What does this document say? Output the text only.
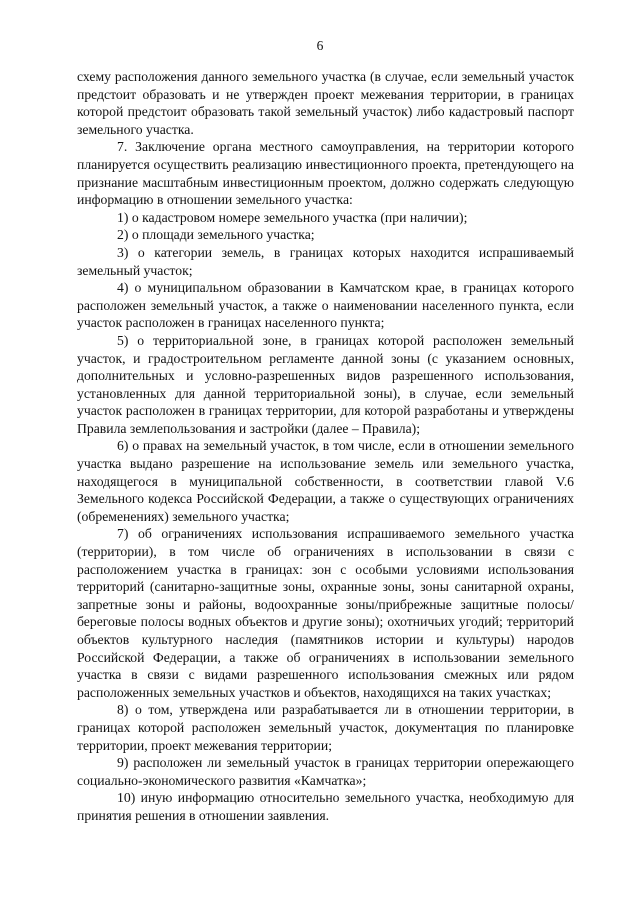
6

схему расположения данного земельного участка (в случае, если земельный участок предстоит образовать и не утвержден проект межевания территории, в границах которой предстоит образовать такой земельный участок) либо кадастровый паспорт земельного участка.

7. Заключение органа местного самоуправления, на территории которого планируется осуществить реализацию инвестиционного проекта, претендующего на признание масштабным инвестиционным проектом, должно содержать следующую информацию в отношении земельного участка:

1) о кадастровом номере земельного участка (при наличии);

2) о площади земельного участка;

3) о категории земель, в границах которых находится испрашиваемый земельный участок;

4) о муниципальном образовании в Камчатском крае, в границах которого расположен земельный участок, а также о наименовании населенного пункта, если участок расположен в границах населенного пункта;

5) о территориальной зоне, в границах которой расположен земельный участок, и градостроительном регламенте данной зоны (с указанием основных, дополнительных и условно-разрешенных видов разрешенного использования, установленных для данной территориальной зоны), в случае, если земельный участок расположен в границах территории, для которой разработаны и утверждены Правила землепользования и застройки (далее – Правила);

6) о правах на земельный участок, в том числе, если в отношении земельного участка выдано разрешение на использование земель или земельного участка, находящегося в муниципальной собственности, в соответствии главой V.6 Земельного кодекса Российской Федерации, а также о существующих ограничениях (обременениях) земельного участка;

7) об ограничениях использования испрашиваемого земельного участка (территории), в том числе об ограничениях в использовании в связи с расположением участка в границах: зон с особыми условиями использования территорий (санитарно-защитные зоны, охранные зоны, зоны санитарной охраны, запретные зоны и районы, водоохранные зоны/прибрежные защитные полосы/береговые полосы водных объектов и другие зоны); охотничьих угодий; территорий объектов культурного наследия (памятников истории и культуры) народов Российской Федерации, а также об ограничениях в использовании земельного участка в связи с видами разрешенного использования смежных или рядом расположенных земельных участков и объектов, находящихся на таких участках;

8) о том, утверждена или разрабатывается ли в отношении территории, в границах которой расположен земельный участок, документация по планировке территории, проект межевания территории;

9) расположен ли земельный участок в границах территории опережающего социально-экономического развития «Камчатка»;

10) иную информацию относительно земельного участка, необходимую для принятия решения в отношении заявления.
